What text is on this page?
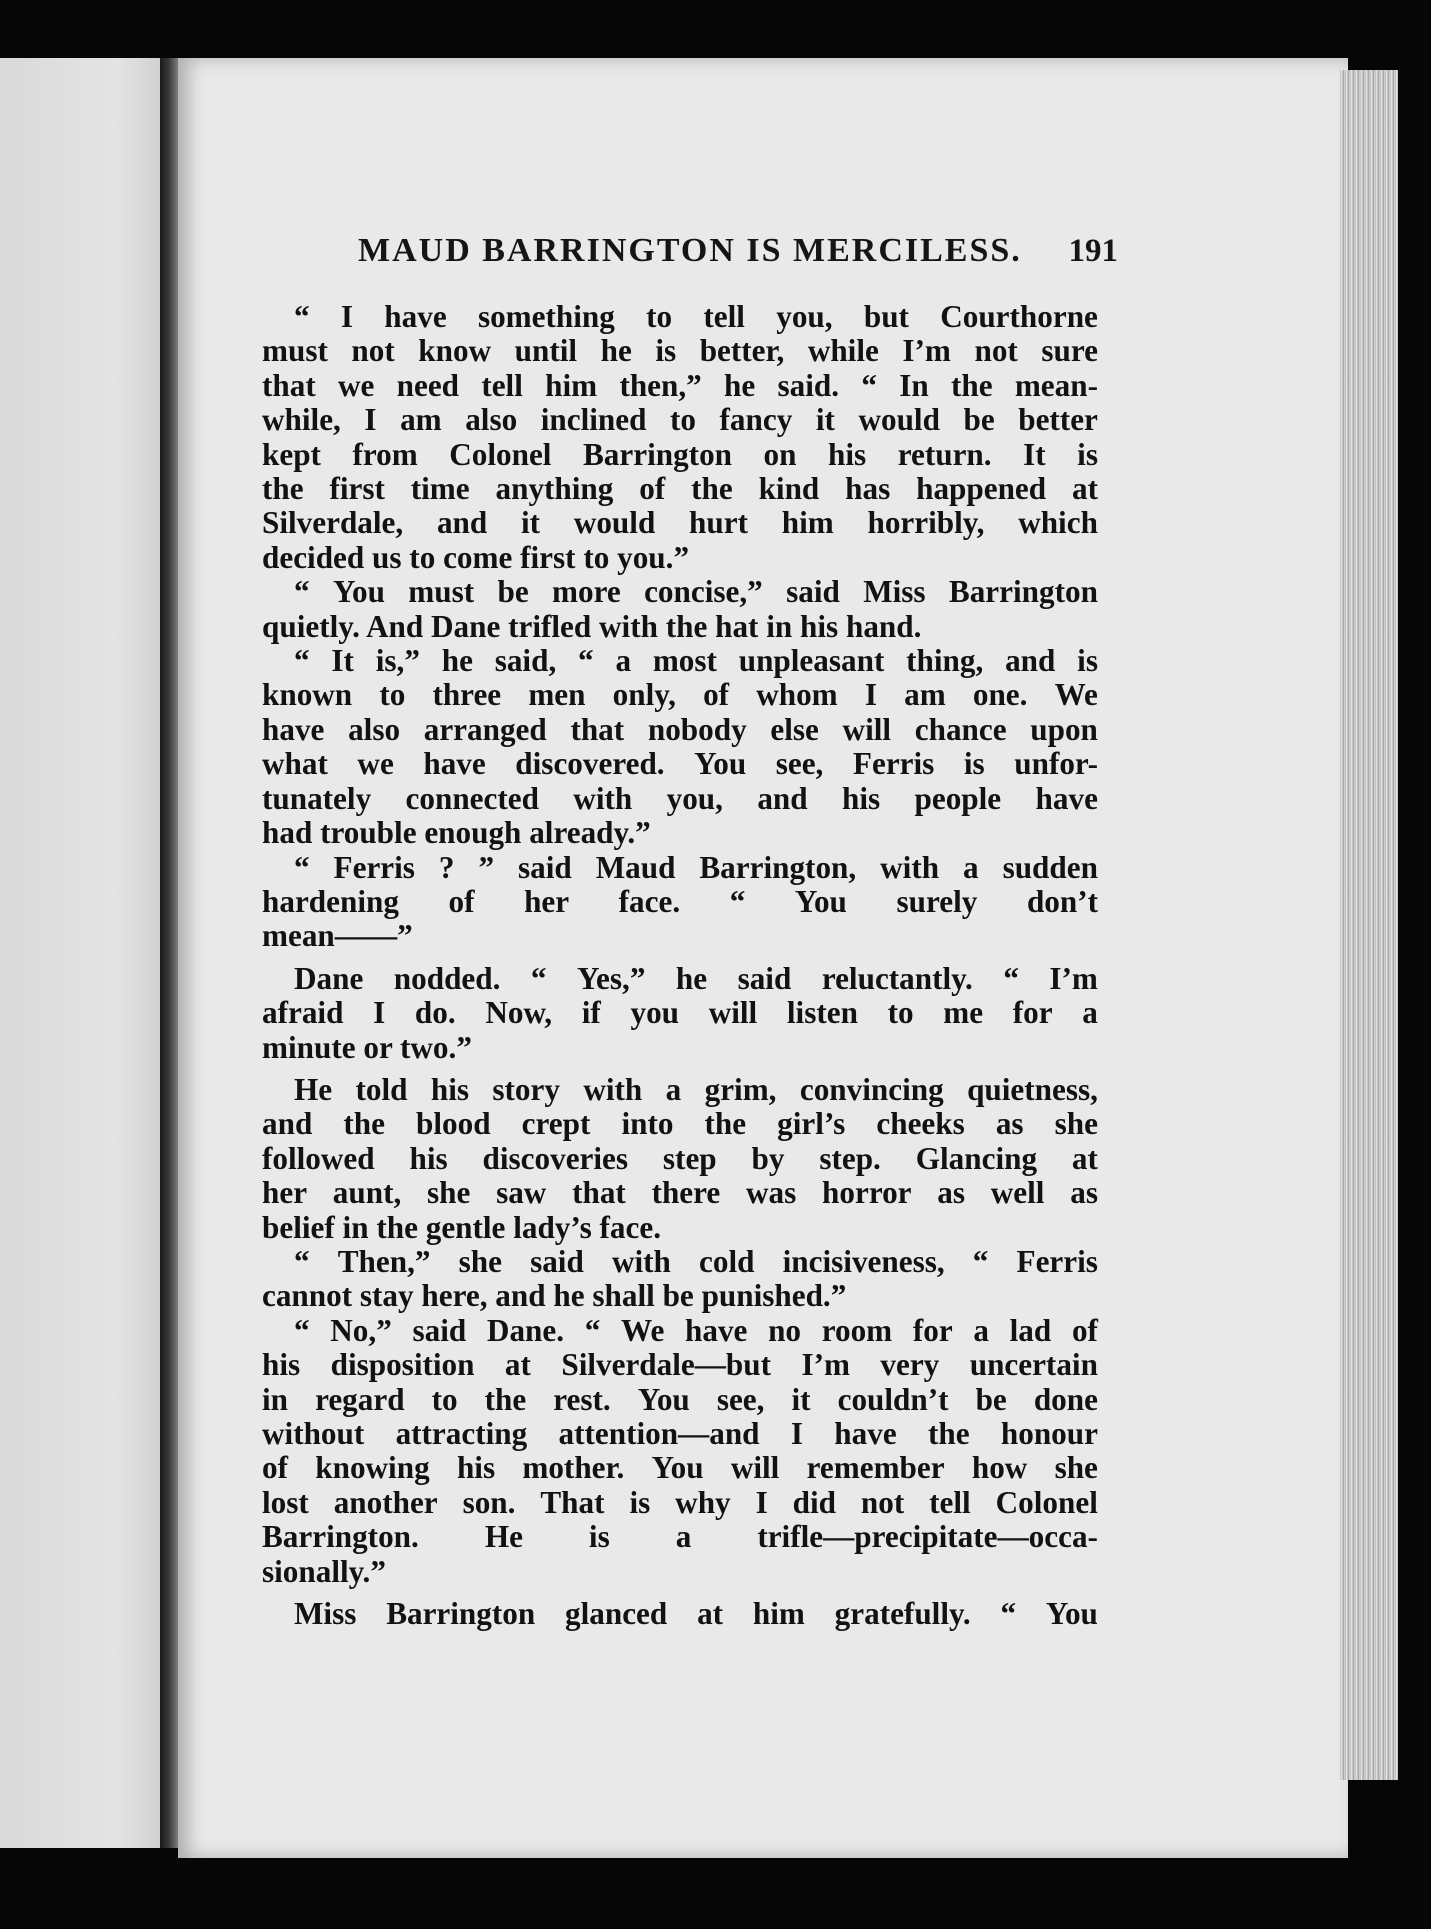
MAUD BARRINGTON IS MERCILESS. 191
“ I have something to tell you, but Courthorne
must not know until he is better, while I’m not sure
that we need tell him then,” he said. “ In the mean-
while, I am also inclined to fancy it would be better
kept from Colonel Barrington on his return. It is
the first time anything of the kind has happened at
Silverdale, and it would hurt him horribly, which
decided us to come first to you.”
“ You must be more concise,” said Miss Barrington
quietly. And Dane trifled with the hat in his hand.
“ It is,” he said, “ a most unpleasant thing, and is
known to three men only, of whom I am one. We
have also arranged that nobody else will chance upon
what we have discovered. You see, Ferris is unfor-
tunately connected with you, and his people have
had trouble enough already.”
“ Ferris ? ” said Maud Barrington, with a sudden
hardening of her face. “ You surely don’t
mean——”
Dane nodded. “ Yes,” he said reluctantly. “ I’m
afraid I do. Now, if you will listen to me for a
minute or two.”
He told his story with a grim, convincing quietness,
and the blood crept into the girl’s cheeks as she
followed his discoveries step by step. Glancing at
her aunt, she saw that there was horror as well as
belief in the gentle lady’s face.
“ Then,” she said with cold incisiveness, “ Ferris
cannot stay here, and he shall be punished.”
“ No,” said Dane. “ We have no room for a lad of
his disposition at Silverdale—but I’m very uncertain
in regard to the rest. You see, it couldn’t be done
without attracting attention—and I have the honour
of knowing his mother. You will remember how she
lost another son. That is why I did not tell Colonel
Barrington. He is a trifle—precipitate—occa-
sionally.”
Miss Barrington glanced at him gratefully. “ You
